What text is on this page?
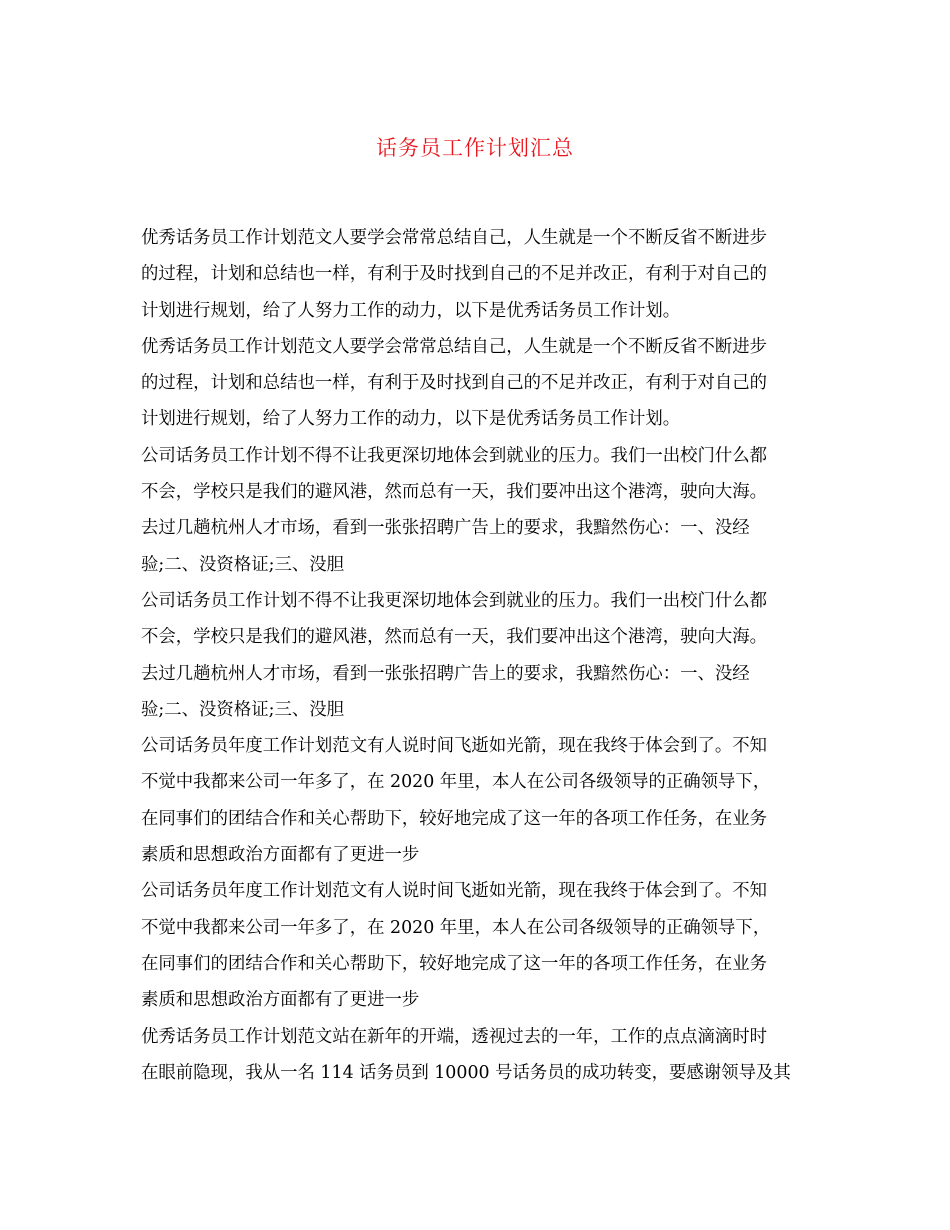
话务员工作计划汇总
优秀话务员工作计划范文人要学会常常总结自己，人生就是一个不断反省不断进步
的过程，计划和总结也一样，有利于及时找到自己的不足并改正，有利于对自己的
计划进行规划，给了人努力工作的动力，以下是优秀话务员工作计划。
优秀话务员工作计划范文人要学会常常总结自己，人生就是一个不断反省不断进步
的过程，计划和总结也一样，有利于及时找到自己的不足并改正，有利于对自己的
计划进行规划，给了人努力工作的动力，以下是优秀话务员工作计划。
公司话务员工作计划不得不让我更深切地体会到就业的压力。我们一出校门什么都
不会，学校只是我们的避风港，然而总有一天，我们要冲出这个港湾，驶向大海。
去过几趟杭州人才市场，看到一张张招聘广告上的要求，我黯然伤心：一、没经
验;二、没资格证;三、没胆
公司话务员工作计划不得不让我更深切地体会到就业的压力。我们一出校门什么都
不会，学校只是我们的避风港，然而总有一天，我们要冲出这个港湾，驶向大海。
去过几趟杭州人才市场，看到一张张招聘广告上的要求，我黯然伤心：一、没经
验;二、没资格证;三、没胆
公司话务员年度工作计划范文有人说时间飞逝如光箭，现在我终于体会到了。不知
不觉中我都来公司一年多了，在 2020 年里，本人在公司各级领导的正确领导下，
在同事们的团结合作和关心帮助下，较好地完成了这一年的各项工作任务，在业务
素质和思想政治方面都有了更进一步
公司话务员年度工作计划范文有人说时间飞逝如光箭，现在我终于体会到了。不知
不觉中我都来公司一年多了，在 2020 年里，本人在公司各级领导的正确领导下，
在同事们的团结合作和关心帮助下，较好地完成了这一年的各项工作任务，在业务
素质和思想政治方面都有了更进一步
优秀话务员工作计划范文站在新年的开端，透视过去的一年，工作的点点滴滴时时
在眼前隐现，我从一名 114 话务员到 10000 号话务员的成功转变，要感谢领导及其
